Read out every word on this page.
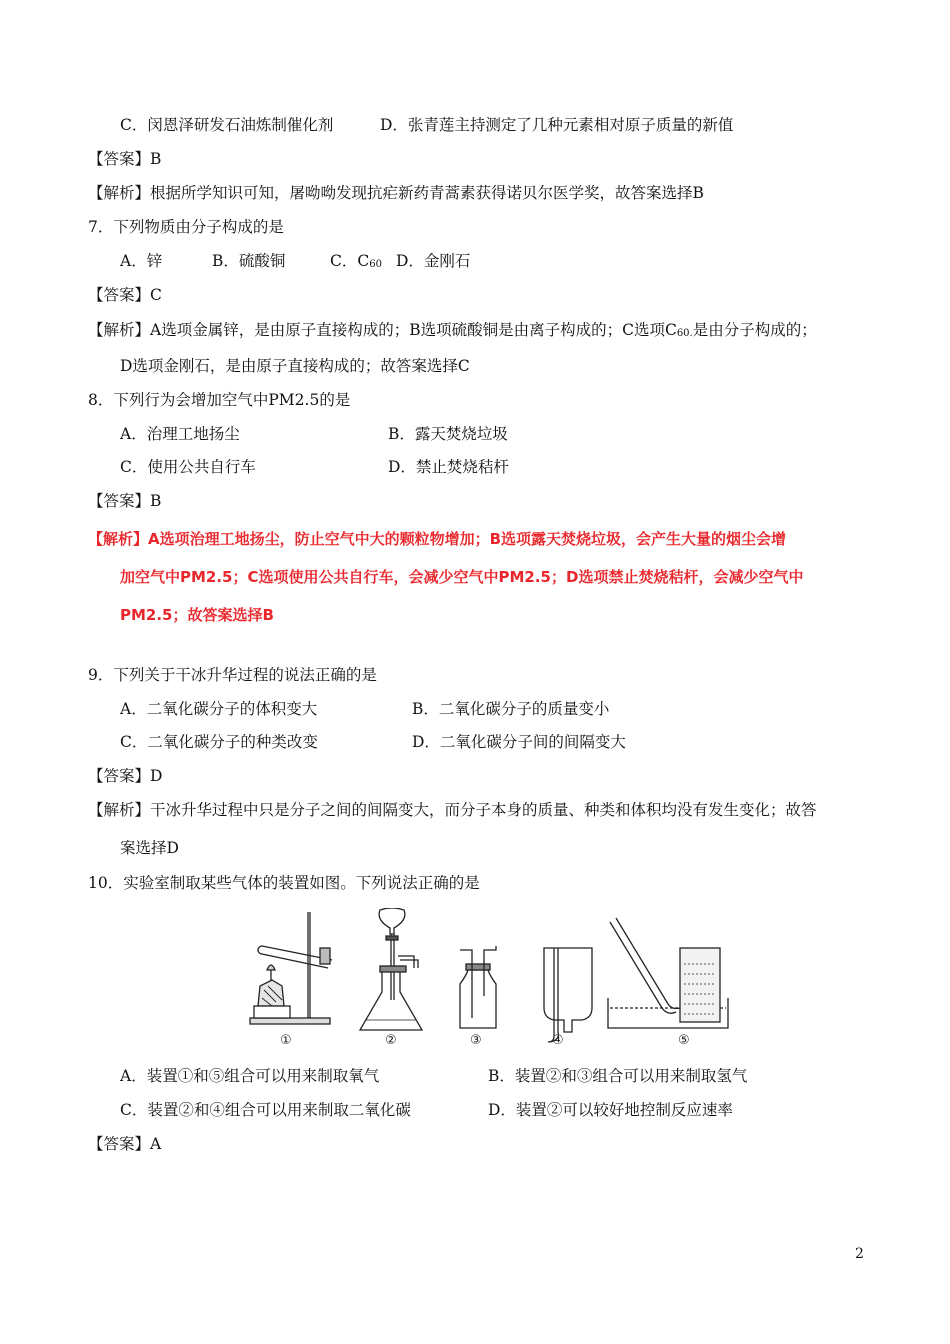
C．闵恩泽研发石油炼制催化剂	D．张青莲主持测定了几种元素相对原子质量的新值
【答案】B
【解析】根据所学知识可知，屠呦呦发现抗疟新药青蒿素获得诺贝尔医学奖，故答案选择B
7．下列物质由分子构成的是
A．锌	B．硫酸铜	C．C60 D．金刚石
【答案】C
【解析】A选项金属锌，是由原子直接构成的；B选项硫酸铜是由离子构成的；C选项C60.是由分子构成的；
D选项金刚石，是由原子直接构成的；故答案选择C
8．下列行为会增加空气中PM2.5的是
A．治理工地扬尘	B．露天焚烧垃圾
C．使用公共自行车	D．禁止焚烧秸杆
【答案】B
【解析】A选项治理工地扬尘，防止空气中大的颗粒物增加；B选项露天焚烧垃圾，会产生大量的烟尘会增
加空气中PM2.5；C选项使用公共自行车，会减少空气中PM2.5；D选项禁止焚烧秸杆，会减少空气中
PM2.5；故答案选择B
9．下列关于干冰升华过程的说法正确的是
A．二氧化碳分子的体积变大	B．二氧化碳分子的质量变小
C．二氧化碳分子的种类改变	D．二氧化碳分子间的间隔变大
【答案】D
【解析】干冰升华过程中只是分子之间的间隔变大，而分子本身的质量、种类和体积均没有发生变化；故答
案选择D
10．实验室制取某些气体的装置如图。下列说法正确的是
①	②	③	④	⑤
A．装置①和⑤组合可以用来制取氧气	B．装置②和③组合可以用来制取氢气
C．装置②和④组合可以用来制取二氧化碳	D．装置②可以较好地控制反应速率
【答案】A
2
